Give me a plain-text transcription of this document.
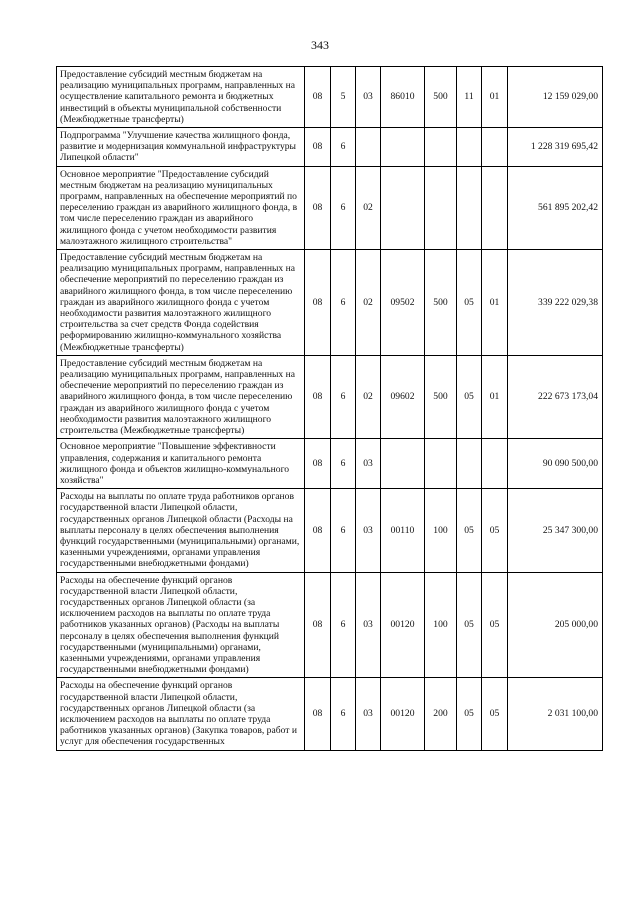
343
Предоставление субсидий местным бюджетам на реализацию муниципальных программ, направленных на осуществление капитального ремонта и бюджетных инвестиций в объекты муниципальной собственности (Межбюджетные трансферты)	08	5	03	86010	500	11	01	12 159 029,00
Подпрограмма "Улучшение качества жилищного фонда, развитие и модернизация коммунальной инфраструктуры Липецкой области"	08	6						1 228 319 695,42
Основное мероприятие "Предоставление субсидий местным бюджетам на реализацию муниципальных программ, направленных на обеспечение мероприятий по переселению граждан из аварийного жилищного фонда, в том числе переселению граждан из аварийного жилищного фонда с учетом необходимости развития малоэтажного жилищного строительства"	08	6	02					561 895 202,42
Предоставление субсидий местным бюджетам на реализацию муниципальных программ, направленных на обеспечение мероприятий по переселению граждан из аварийного жилищного фонда, в том числе переселению граждан из аварийного жилищного фонда с учетом необходимости развития малоэтажного жилищного строительства за счет средств Фонда содействия реформированию жилищно-коммунального хозяйства (Межбюджетные трансферты)	08	6	02	09502	500	05	01	339 222 029,38
Предоставление субсидий местным бюджетам на реализацию муниципальных программ, направленных на обеспечение мероприятий по переселению граждан из аварийного жилищного фонда, в том числе переселению граждан из аварийного жилищного фонда с учетом необходимости развития малоэтажного жилищного строительства (Межбюджетные трансферты)	08	6	02	09602	500	05	01	222 673 173,04
Основное мероприятие "Повышение эффективности управления, содержания и капитального ремонта жилищного фонда и объектов жилищно-коммунального хозяйства"	08	6	03					90 090 500,00
Расходы на выплаты по оплате труда работников органов государственной власти Липецкой области, государственных органов Липецкой области (Расходы на выплаты персоналу в целях обеспечения выполнения функций государственными (муниципальными) органами, казенными учреждениями, органами управления государственными внебюджетными фондами)	08	6	03	00110	100	05	05	25 347 300,00
Расходы на обеспечение функций органов государственной власти Липецкой области, государственных органов Липецкой области (за исключением расходов на выплаты по оплате труда работников указанных органов) (Расходы на выплаты персоналу в целях обеспечения выполнения функций государственными (муниципальными) органами, казенными учреждениями, органами управления государственными внебюджетными фондами)	08	6	03	00120	100	05	05	205 000,00
Расходы на обеспечение функций органов государственной власти Липецкой области, государственных органов Липецкой области (за исключением расходов на выплаты по оплате труда работников указанных органов) (Закупка товаров, работ и услуг для обеспечения государственных	08	6	03	00120	200	05	05	2 031 100,00
